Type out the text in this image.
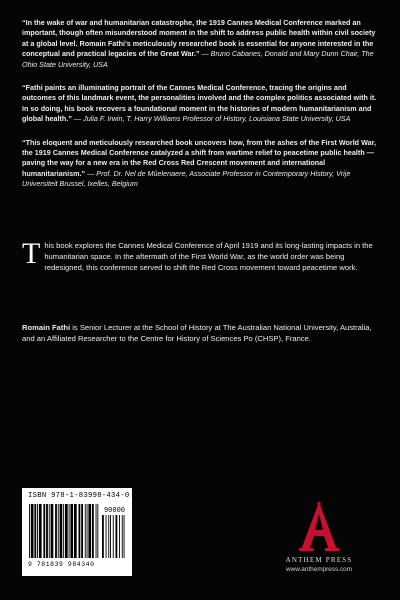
“In the wake of war and humanitarian catastrophe, the 1919 Cannes Medical Conference marked an important, though often misunderstood moment in the shift to address public health within civil society at a global level. Romain Fathi’s meticulously researched book is essential for anyone interested in the conceptual and practical legacies of the Great War.” — Bruno Cabanes, Donald and Mary Dunn Chair, The Ohio State University, USA

“Fathi paints an illuminating portrait of the Cannes Medical Conference, tracing the origins and outcomes of this landmark event, the personalities involved and the complex politics associated with it. In so doing, his book recovers a foundational moment in the histories of modern humanitarianism and global health.” — Julia F. Irwin, T. Harry Williams Professor of History, Louisiana State University, USA

“This eloquent and meticulously researched book uncovers how, from the ashes of the First World War, the 1919 Cannes Medical Conference catalyzed a shift from wartime relief to peacetime public health — paving the way for a new era in the Red Cross Red Crescent movement and international humanitarianism.” — Prof. Dr. Nel de Mûelenaere, Associate Professor in Contemporary History, Vrije Universiteit Brussel, Ixelles, Belgium

This book explores the Cannes Medical Conference of April 1919 and its long-lasting impacts in the humanitarian space. In the aftermath of the First World War, as the world order was being redesigned, this conference served to shift the Red Cross movement toward peacetime work.

Romain Fathi is Senior Lecturer at the School of History at The Australian National University, Australia, and an Affiliated Researcher to the Centre for History of Sciences Po (CHSP), France.

ISBN 978-1-83998-434-0
90000
9 781839 984340
ANTHEM PRESS
www.anthempress.com
